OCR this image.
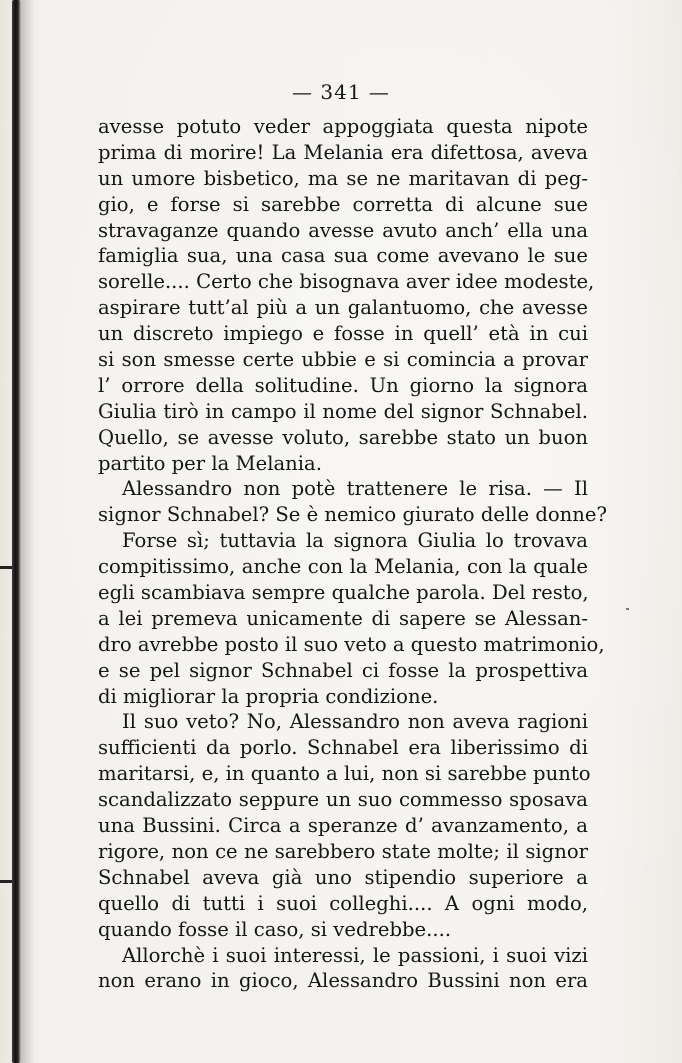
— 341 —
avesse potuto veder appoggiata questa nipote
prima di morire! La Melania era difettosa, aveva
un umore bisbetico, ma se ne maritavan di peg-
gio, e forse si sarebbe corretta di alcune sue
stravaganze quando avesse avuto anch’ ella una
famiglia sua, una casa sua come avevano le sue
sorelle.... Certo che bisognava aver idee modeste,
aspirare tutt’al più a un galantuomo, che avesse
un discreto impiego e fosse in quell’ età in cui
si son smesse certe ubbie e si comincia a provar
l’ orrore della solitudine. Un giorno la signora
Giulia tirò in campo il nome del signor Schnabel.
Quello, se avesse voluto, sarebbe stato un buon
partito per la Melania.
Alessandro non potè trattenere le risa. — Il
signor Schnabel? Se è nemico giurato delle donne?
Forse sì; tuttavia la signora Giulia lo trovava
compitissimo, anche con la Melania, con la quale
egli scambiava sempre qualche parola. Del resto,
a lei premeva unicamente di sapere se Alessan-
dro avrebbe posto il suo veto a questo matrimonio,
e se pel signor Schnabel ci fosse la prospettiva
di migliorar la propria condizione.
Il suo veto? No, Alessandro non aveva ragioni
sufficienti da porlo. Schnabel era liberissimo di
maritarsi, e, in quanto a lui, non si sarebbe punto
scandalizzato seppure un suo commesso sposava
una Bussini. Circa a speranze d’ avanzamento, a
rigore, non ce ne sarebbero state molte; il signor
Schnabel aveva già uno stipendio superiore a
quello di tutti i suoi colleghi.... A ogni modo,
quando fosse il caso, si vedrebbe....
Allorchè i suoi interessi, le passioni, i suoi vizi
non erano in gioco, Alessandro Bussini non era
